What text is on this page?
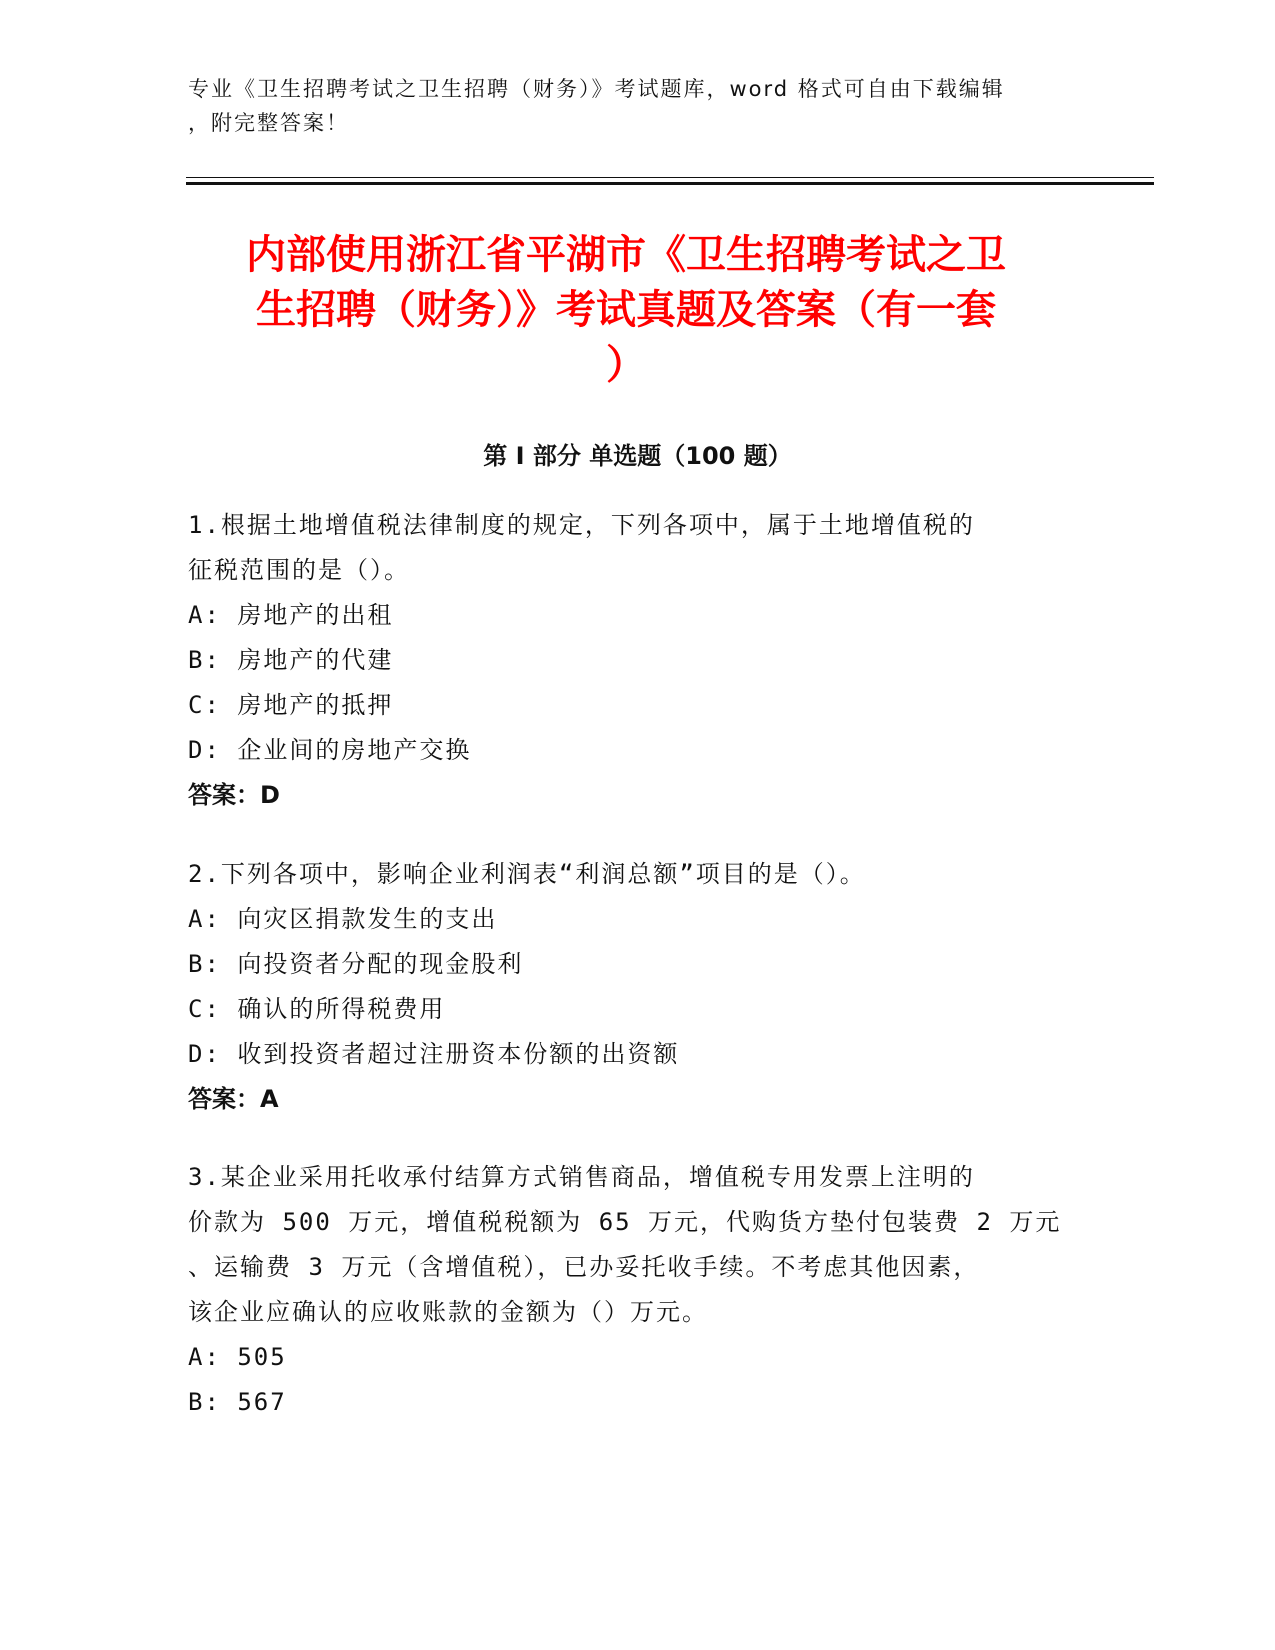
专业《卫生招聘考试之卫生招聘（财务）》考试题库，word 格式可自由下载编辑

，附完整答案！

内部使用浙江省平湖市《卫生招聘考试之卫
生招聘（财务）》考试真题及答案（有一套
）
第 I 部分 单选题（100 题）

1.根据土地增值税法律制度的规定，下列各项中，属于土地增值税的

征税范围的是（）。

A: 房地产的出租

B: 房地产的代建

C: 房地产的抵押

D: 企业间的房地产交换

答案：D

2.下列各项中，影响企业利润表“利润总额”项目的是（）。

A: 向灾区捐款发生的支出

B: 向投资者分配的现金股利

C: 确认的所得税费用

D: 收到投资者超过注册资本份额的出资额

答案：A

3.某企业采用托收承付结算方式销售商品，增值税专用发票上注明的

价款为 500 万元，增值税税额为 65 万元，代购货方垫付包装费 2 万元

、运输费 3 万元（含增值税），已办妥托收手续。不考虑其他因素，

该企业应确认的应收账款的金额为（）万元。

A: 505

B: 567
